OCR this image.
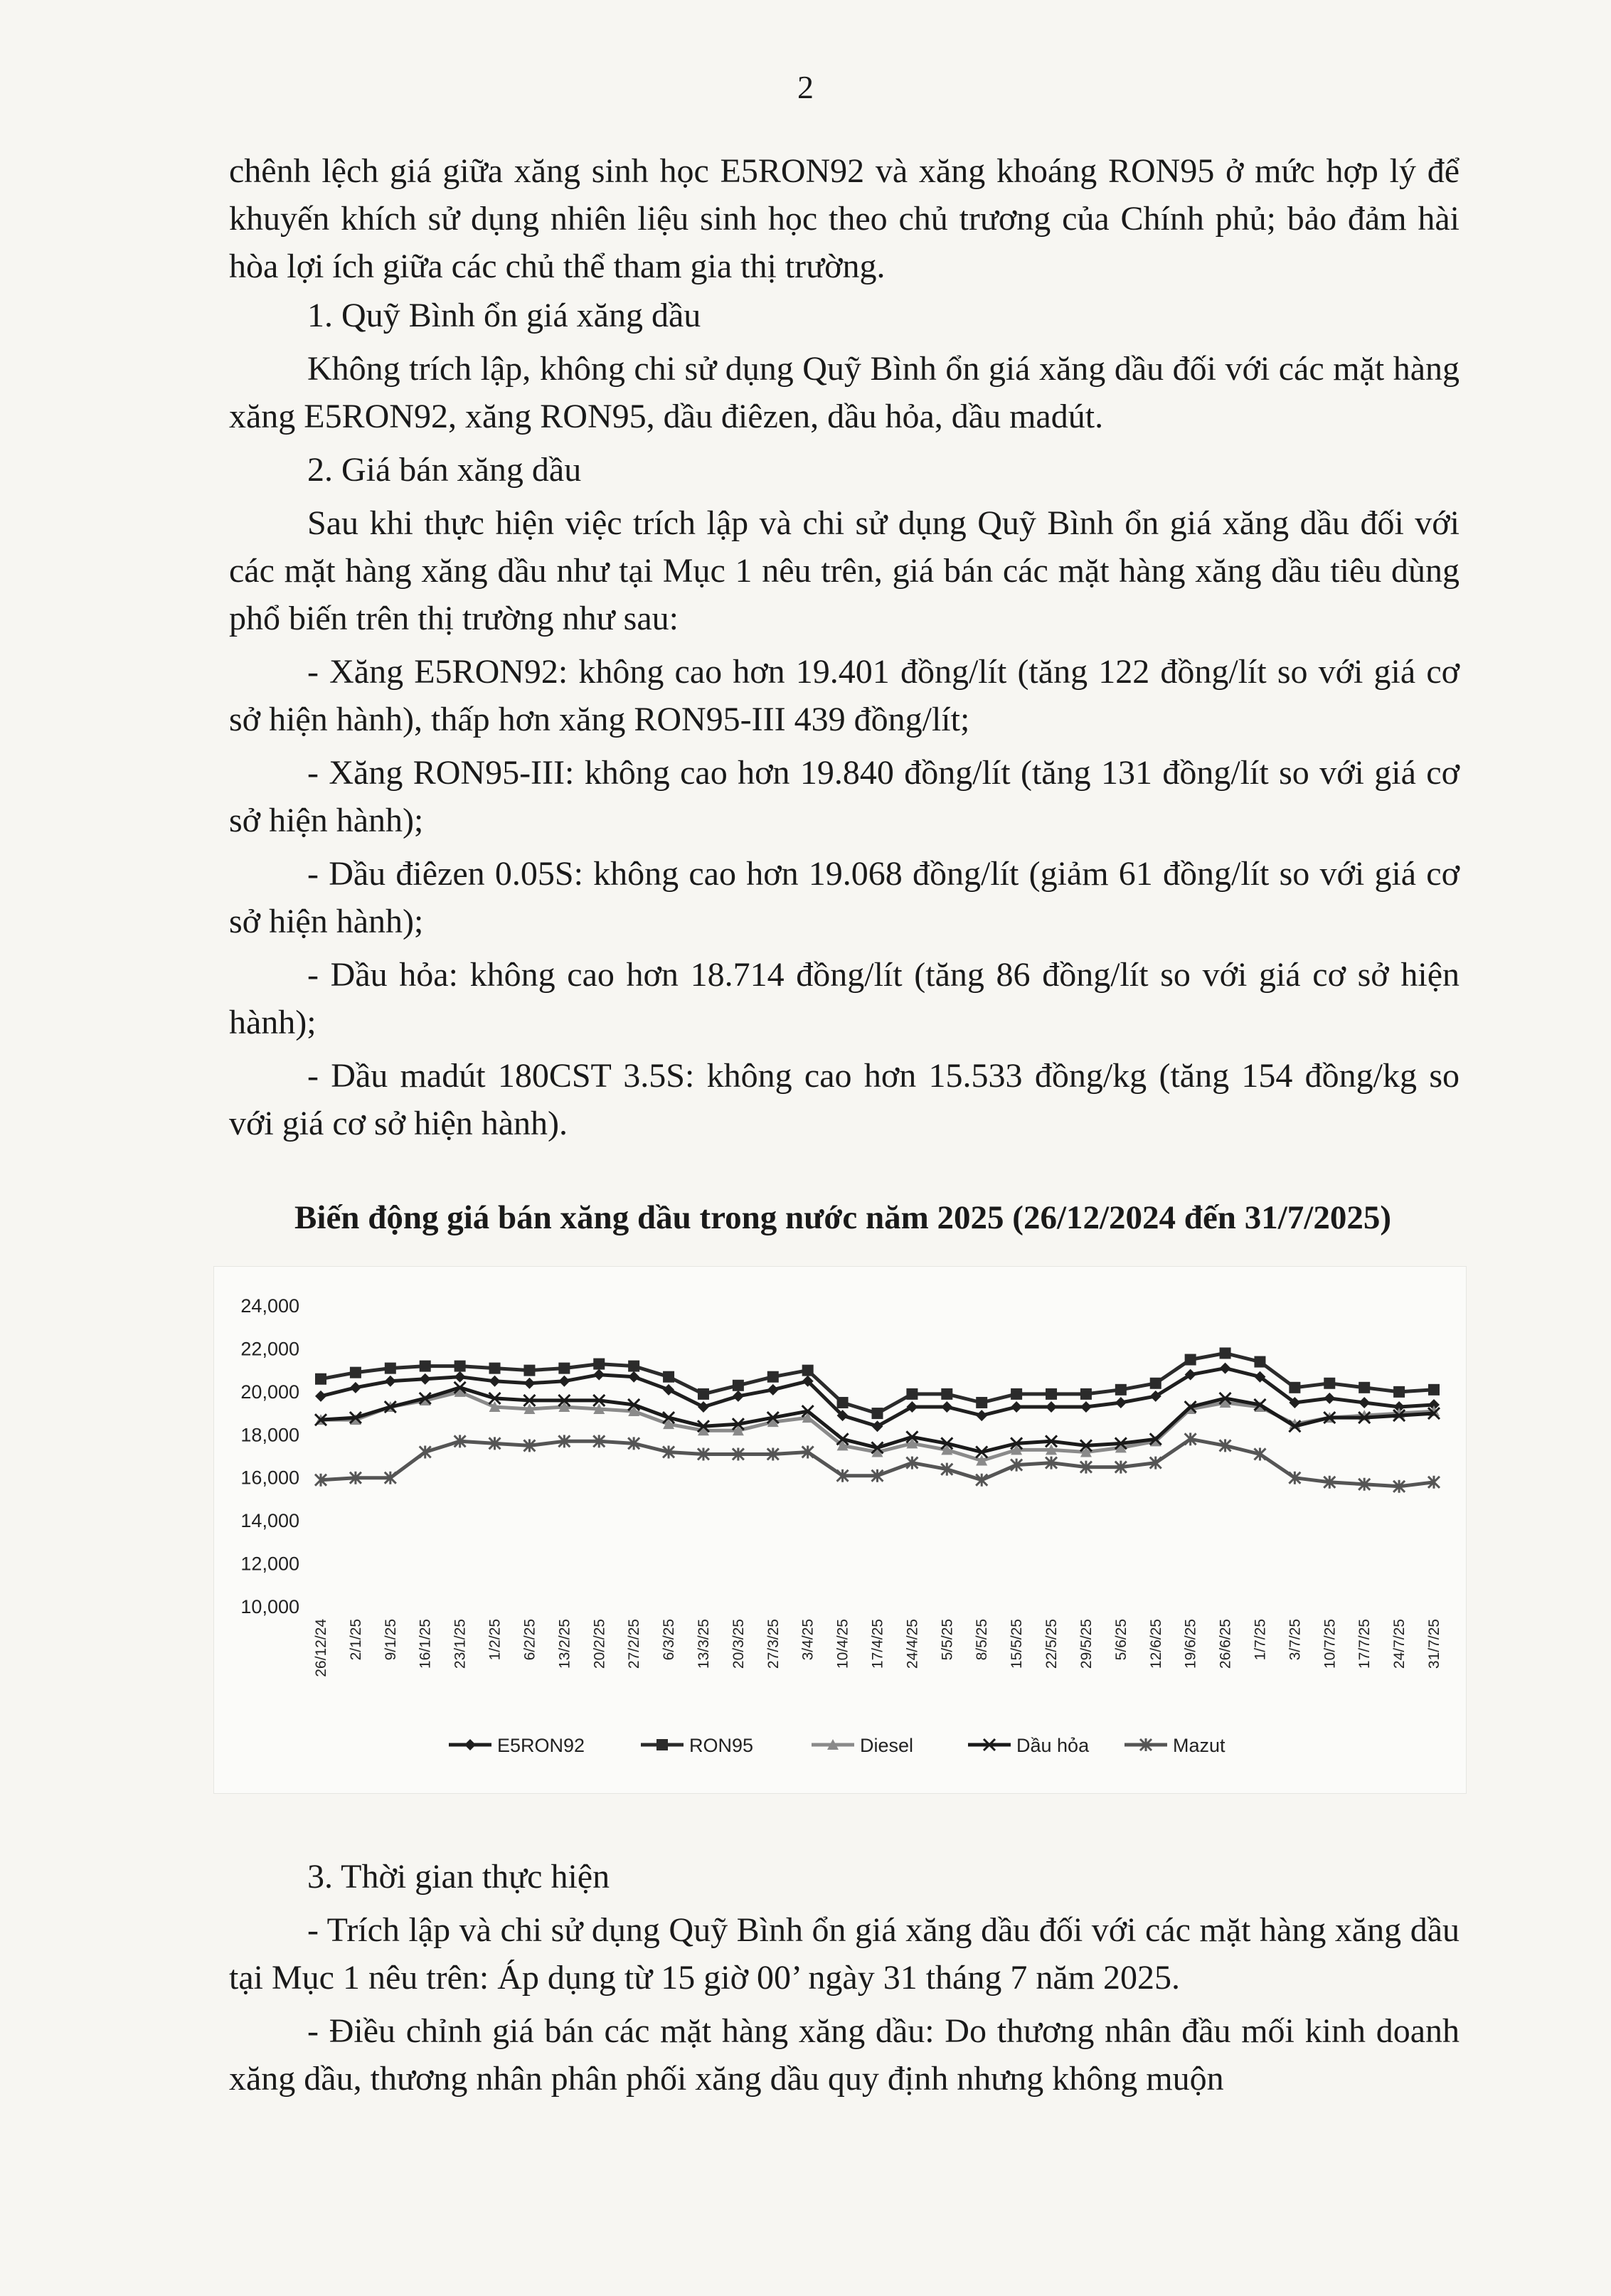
2

chênh lệch giá giữa xăng sinh học E5RON92 và xăng khoáng RON95 ở mức hợp lý để khuyến khích sử dụng nhiên liệu sinh học theo chủ trương của Chính phủ; bảo đảm hài hòa lợi ích giữa các chủ thể tham gia thị trường.

1. Quỹ Bình ổn giá xăng dầu

Không trích lập, không chi sử dụng Quỹ Bình ổn giá xăng dầu đối với các mặt hàng xăng E5RON92, xăng RON95, dầu điêzen, dầu hỏa, dầu madút.

2. Giá bán xăng dầu

Sau khi thực hiện việc trích lập và chi sử dụng Quỹ Bình ổn giá xăng dầu đối với các mặt hàng xăng dầu như tại Mục 1 nêu trên, giá bán các mặt hàng xăng dầu tiêu dùng phổ biến trên thị trường như sau:

- Xăng E5RON92: không cao hơn 19.401 đồng/lít (tăng 122 đồng/lít so với giá cơ sở hiện hành), thấp hơn xăng RON95-III 439 đồng/lít;

- Xăng RON95-III: không cao hơn 19.840 đồng/lít (tăng 131 đồng/lít so với giá cơ sở hiện hành);

- Dầu điêzen 0.05S: không cao hơn 19.068 đồng/lít (giảm 61 đồng/lít so với giá cơ sở hiện hành);

- Dầu hỏa: không cao hơn 18.714 đồng/lít (tăng 86 đồng/lít so với giá cơ sở hiện hành);

- Dầu madút 180CST 3.5S: không cao hơn 15.533 đồng/kg (tăng 154 đồng/kg so với giá cơ sở hiện hành).

Biến động giá bán xăng dầu trong nước năm 2025 (26/12/2024 đến 31/7/2025)
24,000
22,000
20,000
18,000
16,000
14,000
12,000
10,000
26/12/24 2/1/25 9/1/25 16/1/25 23/1/25 1/2/25 6/2/25 13/2/25 20/2/25 27/2/25 6/3/25 13/3/25 20/3/25 27/3/25 3/4/25 10/4/25 17/4/25 24/4/25 5/5/25 8/5/25 15/5/25 22/5/25 29/5/25 5/6/25 12/6/25 19/6/25 26/6/25 1/7/25 3/7/25 10/7/25 17/7/25 24/7/25 31/7/25
E5RON92	RON95	Diesel	Dầu hỏa	Mazut

3. Thời gian thực hiện

- Trích lập và chi sử dụng Quỹ Bình ổn giá xăng dầu đối với các mặt hàng xăng dầu tại Mục 1 nêu trên: Áp dụng từ 15 giờ 00’ ngày 31 tháng 7 năm 2025.

- Điều chỉnh giá bán các mặt hàng xăng dầu: Do thương nhân đầu mối kinh doanh xăng dầu, thương nhân phân phối xăng dầu quy định nhưng không muộn
